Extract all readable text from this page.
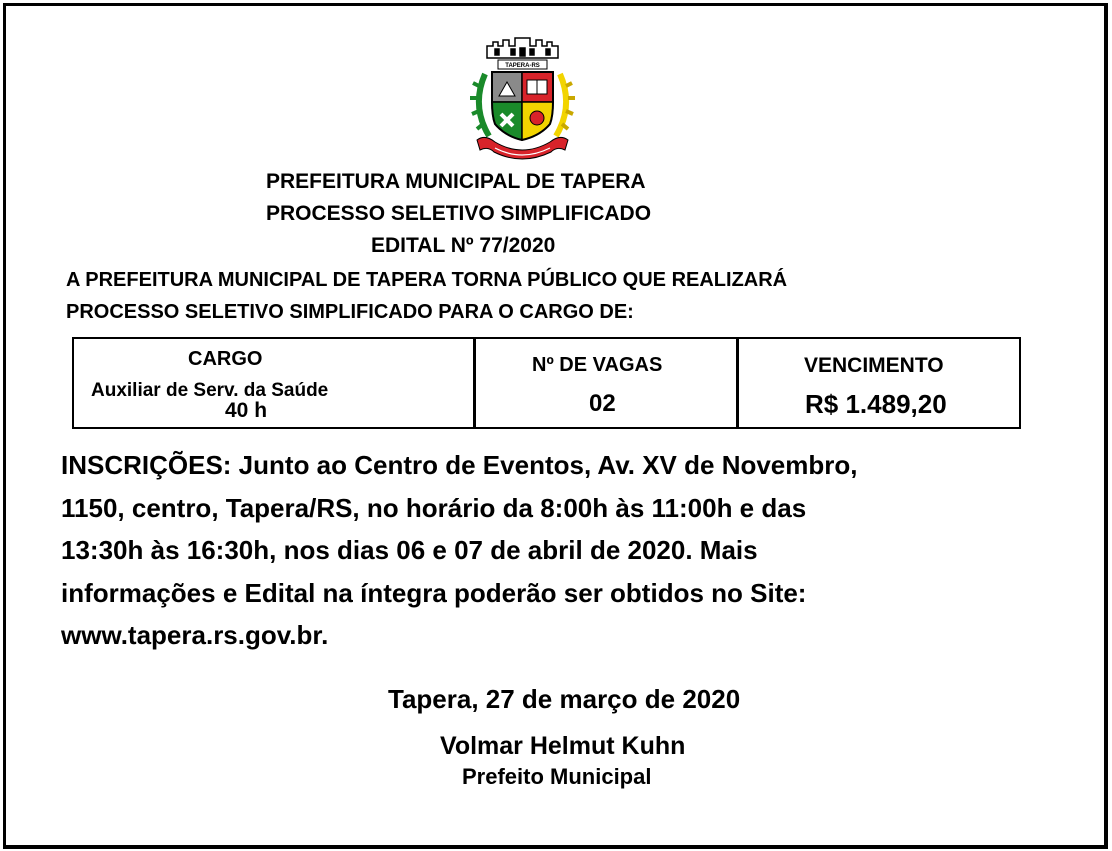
TAPERA-RS
PREFEITURA MUNICIPAL DE TAPERA
PROCESSO SELETIVO SIMPLIFICADO
EDITAL Nº 77/2020
A PREFEITURA MUNICIPAL DE TAPERA TORNA PÚBLICO QUE REALIZARÁ
PROCESSO SELETIVO SIMPLIFICADO PARA O CARGO DE:
CARGO
Auxiliar de Serv. da Saúde
40 h
Nº DE VAGAS
02
VENCIMENTO
R$ 1.489,20
INSCRIÇÕES: Junto ao Centro de Eventos, Av. XV de Novembro,
1150, centro, Tapera/RS, no horário da 8:00h às 11:00h e das
13:30h às 16:30h, nos dias 06 e 07 de abril de 2020. Mais
informações e Edital na íntegra poderão ser obtidos no Site:
www.tapera.rs.gov.br.
Tapera, 27 de março de 2020
Volmar Helmut Kuhn
Prefeito Municipal
